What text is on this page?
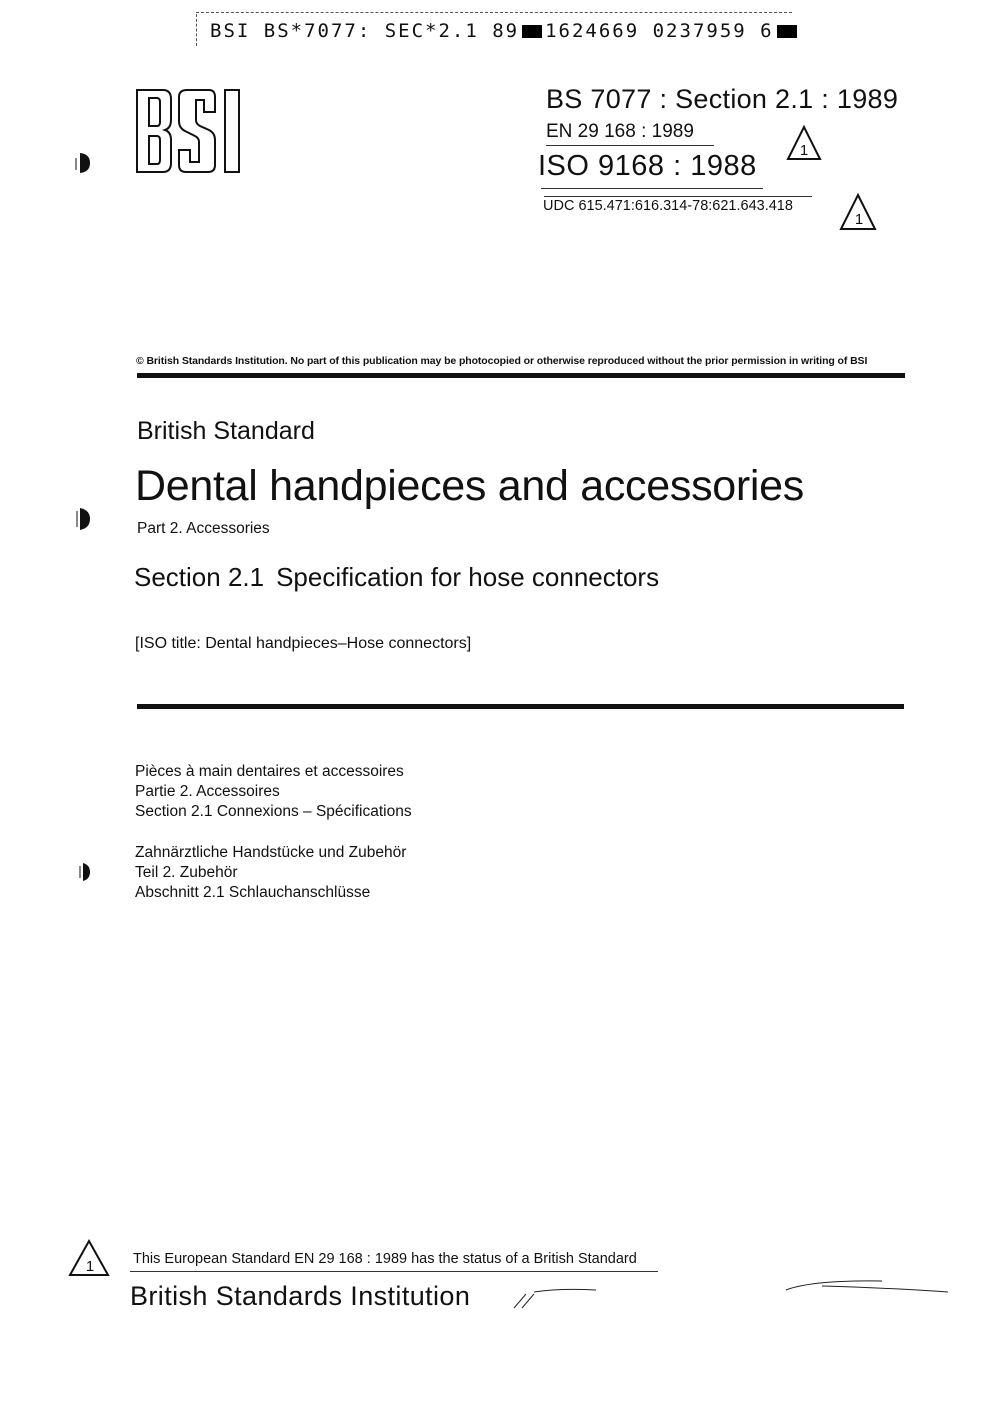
BSI BS*7077: SEC*2.1 89 1624669 0237959 6
BS 7077 : Section 2.1 : 1989
EN 29 168 : 1989
ISO 9168 : 1988
UDC 615.471:616.314-78:621.643.418
1
1
© British Standards Institution. No part of this publication may be photocopied or otherwise reproduced without the prior permission in writing of BSI
British Standard
Dental handpieces and accessories
Part 2. Accessories
Section 2.1 Specification for hose connectors
[ISO title: Dental handpieces–Hose connectors]
Pièces à main dentaires et accessoires
Partie 2. Accessoires
Section 2.1 Connexions – Spécifications
Zahnärztliche Handstücke und Zubehör
Teil 2. Zubehör
Abschnitt 2.1 Schlauchanschlüsse
1	This European Standard EN 29 168 : 1989 has the status of a British Standard
British Standards Institution
